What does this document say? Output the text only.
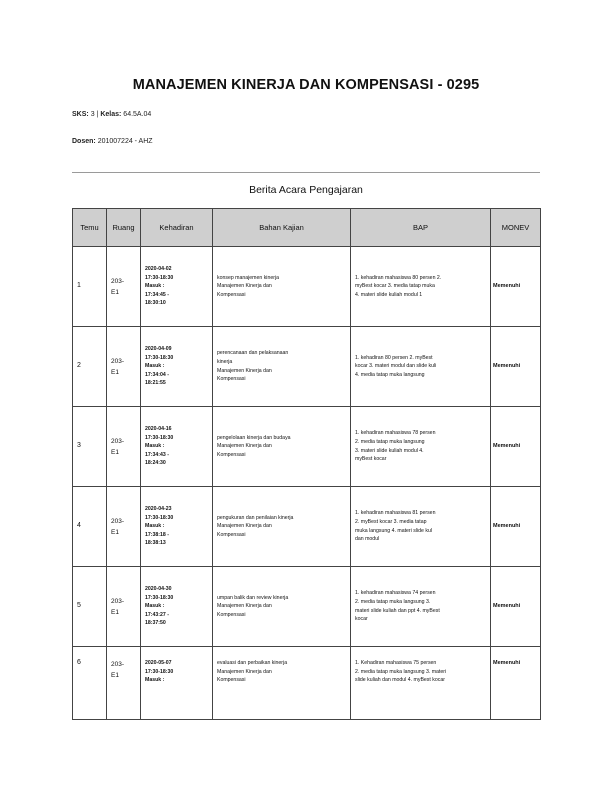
MANAJEMEN KINERJA DAN KOMPENSASI - 0295
SKS: 3 | Kelas: 64.5A.04
Dosen: 201007224 - AHZ
Berita Acara Pengajaran
Temu	Ruang	Kehadiran	Bahan Kajian	BAP	MONEV
1	203-
E1	2020-04-02
17:30-18:30
Masuk :
17:34:45 -
18:30:10	konsep manajemen kinerja
Manajemen Kinerja dan
Kompensasi	1. kehadiran mahasiswa 80 persen 2.
myBest kocar 3. media tatap muka
4. materi slide kuliah modul 1	Memenuhi
2	203-
E1	2020-04-09
17:30-18:30
Masuk :
17:34:04 -
18:21:55	perencanaan dan pelaksanaan
kinerja
Manajemen Kinerja dan
Kompensasi	1. kehadiran 80 persen 2. myBest
kocar 3. materi modul dan slide kuli
4. media tatap muka langsung	Memenuhi
3	203-
E1	2020-04-16
17:30-18:30
Masuk :
17:34:43 -
18:24:30	pengelolaan kinerja dan budaya
Manajemen Kinerja dan
Kompensasi	1. kehadiran mahasiswa 78 persen
2. media tatap muka langsung
3. materi slide kuliah modul 4.
myBest kocar	Memenuhi
4	203-
E1	2020-04-23
17:30-18:30
Masuk :
17:38:18 -
18:38:13	pengukuran dan penilaian kinerja
Manajemen Kinerja dan
Kompensasi	1. kehadiran mahasiswa 81 persen
2. myBest kocar 3. media tatap
muka langsung 4. materi slide kul
dan modul	Memenuhi
5	203-
E1	2020-04-30
17:30-18:30
Masuk :
17:43:27 -
18:37:50	umpan balik dan review kinerja
Manajemen Kinerja dan
Kompensasi	1. kehadiran mahasiswa 74 persen
2. media tatap muka langsung 3.
materi slide kuliah dan ppt 4. myBest
kocar	Memenuhi
6	203-
E1	2020-05-07
17:30-18:30
Masuk :	evaluasi dan perbaikan kinerja
Manajemen Kinerja dan
Kompensasi	1. Kehadiran mahasiswa 75 persen
2. media tatap muka langsung 3. materi
slide kuliah dan modul 4. myBest kocar	Memenuhi
